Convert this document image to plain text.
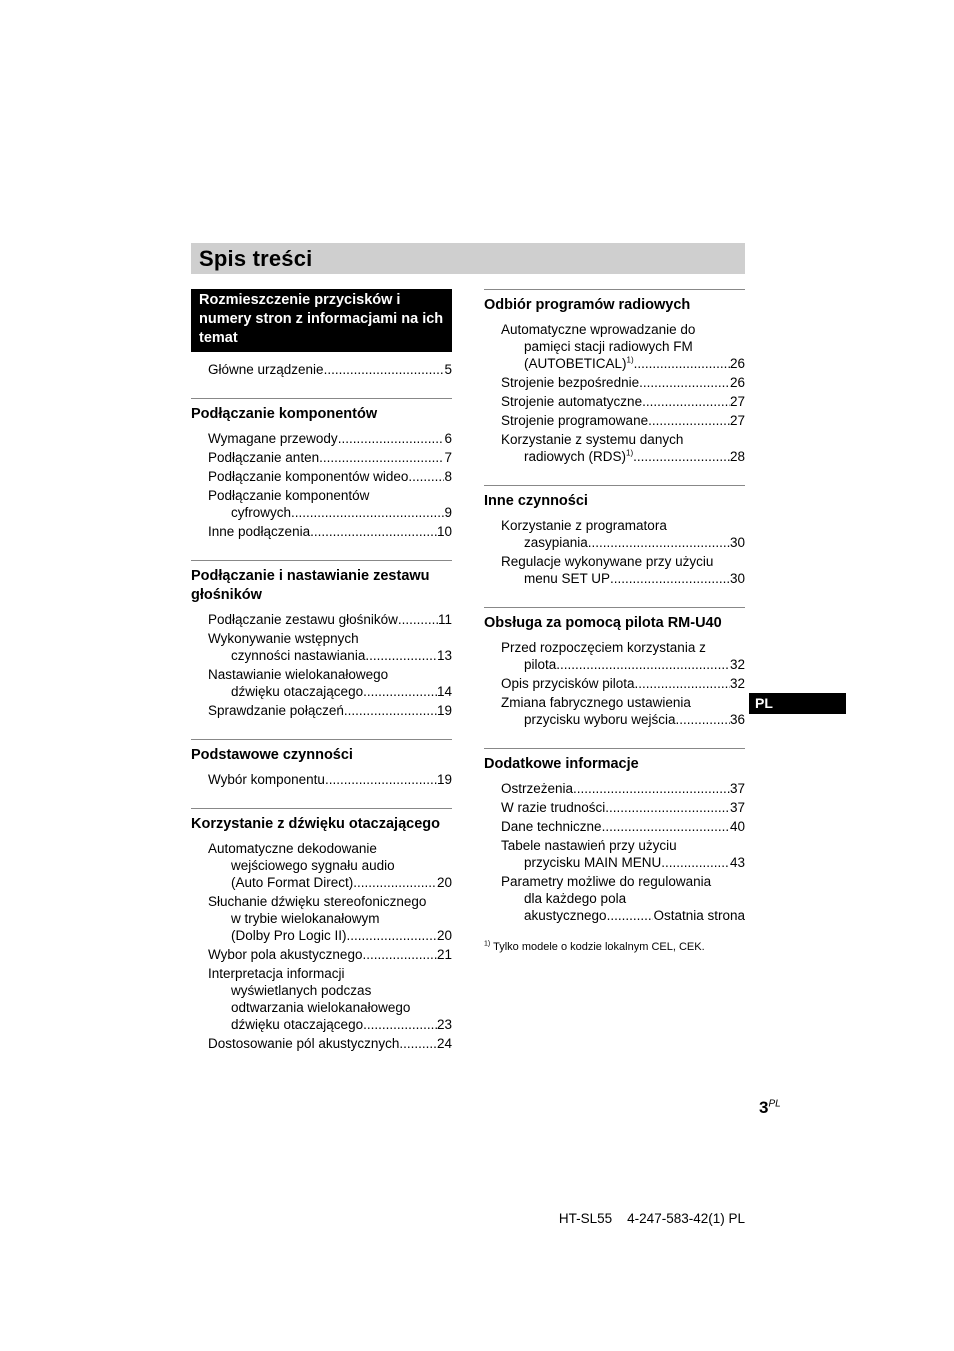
Spis treści
Rozmieszczenie przycisków i numery stron z informacjami na ich temat
Główne urządzenie .....	5
Podłączanie komponentów
Wymagane przewody .....	6
Podłączanie anten .....	7
Podłączanie komponentów wideo .....	8
Podłączanie komponentów
cyfrowych .....	9
Inne podłączenia .....	10
Podłączanie i nastawianie zestawu głośników
Podłączanie zestawu głośników .....	11
Wykonywanie wstępnych
czynności nastawiania .....	13
Nastawianie wielokanałowego
dźwięku otaczającego .....	14
Sprawdzanie połączeń .....	19
Podstawowe czynności
Wybór komponentu .....	19
Korzystanie z dźwięku otaczającego
Automatyczne dekodowanie
wejściowego sygnału audio
(Auto Format Direct) .....	20
Słuchanie dźwięku stereofonicznego
w trybie wielokanałowym
(Dolby Pro Logic II) .....	20
Wybor pola akustycznego .....	21
Interpretacja informacji
wyświetlanych podczas
odtwarzania wielokanałowego
dźwięku otaczającego .....	23
Dostosowanie pól akustycznych .....	24
Odbiór programów radiowych
Automatyczne wprowadzanie do
pamięci stacji radiowych FM
(AUTOBETICAL)$^{1)}$ .....	26
Strojenie bezpośrednie .....	26
Strojenie automatyczne .....	27
Strojenie programowane .....	27
Korzystanie z systemu danych
radiowych (RDS)$^{1)}$ .....	28
Inne czynności
Korzystanie z programatora
zasypiania .....	30
Regulacje wykonywane przy użyciu
menu SET UP .....	30
Obsługa za pomocą pilota RM-U40
Przed rozpoczęciem korzystania z
pilota .....	32
Opis przycisków pilota .....	32
Zmiana fabrycznego ustawienia
przycisku wyboru wejścia .....	36
Dodatkowe informacje
Ostrzeżenia .....	37
W razie trudności .....	37
Dane techniczne .....	40
Tabele nastawień przy użyciu
przycisku MAIN MENU .....	43
Parametry możliwe do regulowania
dla każdego pola
akustycznego .....	Ostatnia strona
$^{1)}$ Tylko modele o kodzie lokalnym CEL, CEK.
PL
$3^{PL}$
HT-SL55    4-247-583-42(1) PL
